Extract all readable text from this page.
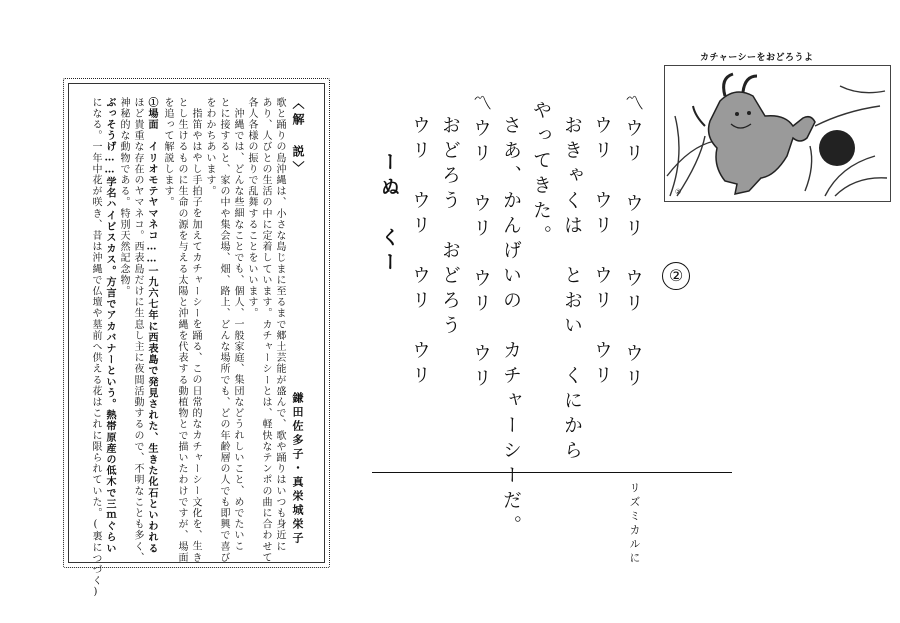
カチャーシーをおどろうよ
②
②
〽ウリ　ウリ　ウリ　ウリ
ウリ　ウリ　ウリ　ウリ
おきゃくは　とおい　くにから
やってきた。
さあ、かんげいの　カチャーシーだ。
〽ウリ　ウリ　ウリ　ウリ
おどろう　おどろう
ウリ　ウリ　ウリ　ウリ
ーぬ　くー
リズミカルに
〈解　説〉
鎌田佐多子・真栄城栄子
歌と踊りの島沖縄は、小さな島じまに至るまで郷土芸能が盛んで、歌や踊りはいつも身近に
あり、人びとの生活の中に定着しています。カチャーシーとは、軽快なテンポの曲に合わせて
各人各様の振りで乱舞することをいいます。
沖縄では、どんな些細なことでも、個人、一般家庭、集団などうれしいこと、めでたいこ
とに接すると、家の中や集会場、畑、路上、どんな場所でも、どの年齢層の人でも即興で喜び
をわかちあいます。
指笛やはやし手拍子を加えてカチャーシーを踊る、この日常的なカチャーシー文化を、生き
とし生けるものに生命の源を与える太陽と沖縄を代表する動植物とで描いたわけですが、場面
を追って解説します。
①場面　イリオモテヤマネコ……一九六七年に西表島で発見された、生きた化石といわれる
ほど貴重な存在のヤマネコ。西表島だけに生息し主に夜間活動するので、不明なことも多く、
神秘的な動物である。特別天然記念物。
ぶっそうげ……学名ハイビスカス。方言でアカバナーという。熱帯原産の低木で三ｍぐらい
になる。一年中花が咲き、昔は沖縄で仏壇や墓前へ供える花はこれに限られていた。(裏につづく)
